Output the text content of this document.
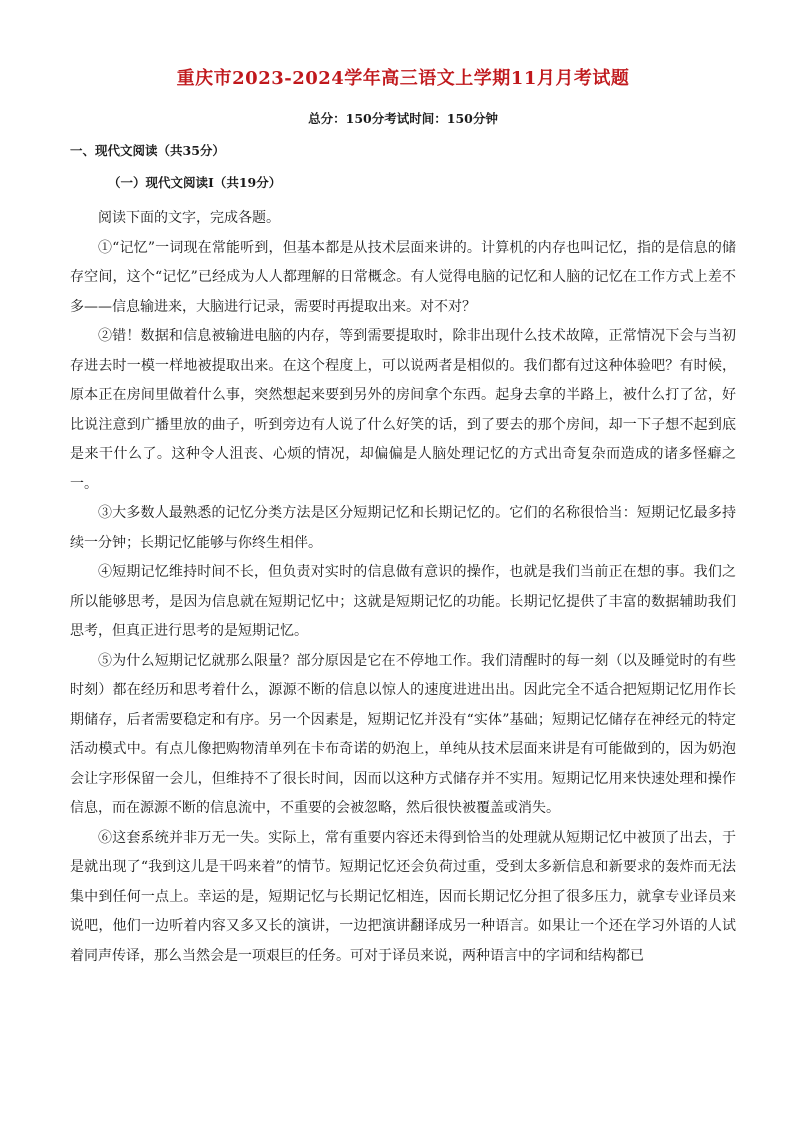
重庆市2023-2024学年高三语文上学期11月月考试题
总分：150分考试时间：150分钟
一、现代文阅读（共35分）
（一）现代文阅读Ⅰ（共19分）

阅读下面的文字，完成各题。

①“记忆”一词现在常能听到，但基本都是从技术层面来讲的。计算机的内存也叫记忆，指的是信息的储存空间，这个“记忆”已经成为人人都理解的日常概念。有人觉得电脑的记忆和人脑的记忆在工作方式上差不多——信息输进来，大脑进行记录，需要时再提取出来。对不对？

②错！数据和信息被输进电脑的内存，等到需要提取时，除非出现什么技术故障，正常情况下会与当初存进去时一模一样地被提取出来。在这个程度上，可以说两者是相似的。我们都有过这种体验吧？有时候，原本正在房间里做着什么事，突然想起来要到另外的房间拿个东西。起身去拿的半路上，被什么打了岔，好比说注意到广播里放的曲子，听到旁边有人说了什么好笑的话，到了要去的那个房间，却一下子想不起到底是来干什么了。这种令人沮丧、心烦的情况，却偏偏是人脑处理记忆的方式出奇复杂而造成的诸多怪癖之一。

③大多数人最熟悉的记忆分类方法是区分短期记忆和长期记忆的。它们的名称很恰当：短期记忆最多持续一分钟；长期记忆能够与你终生相伴。

④短期记忆维持时间不长，但负责对实时的信息做有意识的操作，也就是我们当前正在想的事。我们之所以能够思考，是因为信息就在短期记忆中；这就是短期记忆的功能。长期记忆提供了丰富的数据辅助我们思考，但真正进行思考的是短期记忆。

⑤为什么短期记忆就那么限量？部分原因是它在不停地工作。我们清醒时的每一刻（以及睡觉时的有些时刻）都在经历和思考着什么，源源不断的信息以惊人的速度进进出出。因此完全不适合把短期记忆用作长期储存，后者需要稳定和有序。另一个因素是，短期记忆并没有“实体”基础；短期记忆储存在神经元的特定活动模式中。有点儿像把购物清单列在卡布奇诺的奶泡上，单纯从技术层面来讲是有可能做到的，因为奶泡会让字形保留一会儿，但维持不了很长时间，因而以这种方式储存并不实用。短期记忆用来快速处理和操作信息，而在源源不断的信息流中，不重要的会被忽略，然后很快被覆盖或消失。

⑥这套系统并非万无一失。实际上，常有重要内容还未得到恰当的处理就从短期记忆中被顶了出去，于是就出现了“我到这儿是干吗来着”的情节。短期记忆还会负荷过重，受到太多新信息和新要求的轰炸而无法集中到任何一点上。幸运的是，短期记忆与长期记忆相连，因而长期记忆分担了很多压力，就拿专业译员来说吧，他们一边听着内容又多又长的演讲，一边把演讲翻译成另一种语言。如果让一个还在学习外语的人试着同声传译，那么当然会是一项艰巨的任务。可对于译员来说，两种语言中的字词和结构都已
